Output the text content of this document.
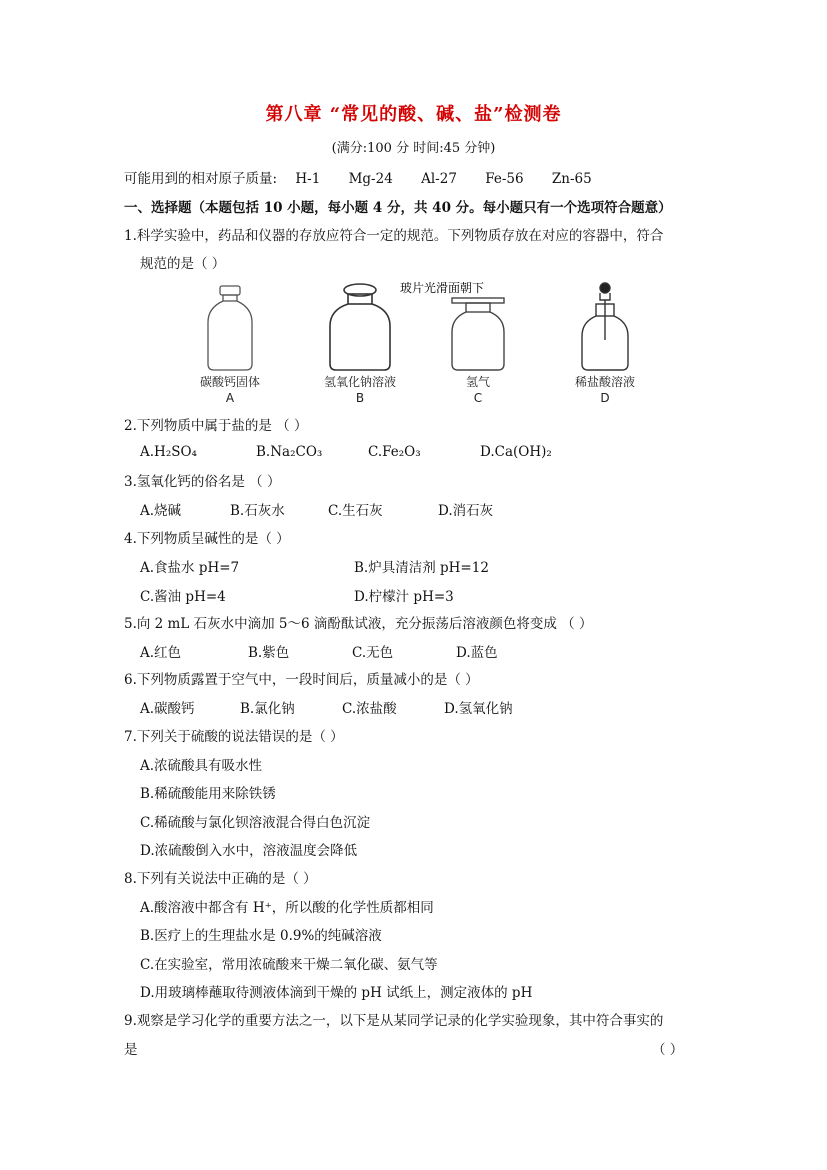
第八章 “常见的酸、碱、盐”检测卷
(满分:100 分 时间:45 分钟)
可能用到的相对原子质量: H-1 Mg-24 Al-27 Fe-56 Zn-65
一、选择题（本题包括 10 小题，每小题 4 分，共 40 分。每小题只有一个选项符合题意）
1.科学实验中，药品和仪器的存放应符合一定的规范。下列物质存放在对应的容器中，符合
规范的是（ ）
玻片光滑面朝下
碳酸钙固体	氢氧化钠溶液	氢气	稀盐酸溶液
A	B	C	D
2.下列物质中属于盐的是 （ ）
A.H₂SO₄	B.Na₂CO₃	C.Fe₂O₃	D.Ca(OH)₂
3.氢氧化钙的俗名是 （ ）
A.烧碱	B.石灰水	C.生石灰	D.消石灰
4.下列物质呈碱性的是（ ）
A.食盐水 pH=7	B.炉具清洁剂 pH=12
C.酱油 pH=4	D.柠檬汁 pH=3
5.向 2 mL 石灰水中滴加 5～6 滴酚酞试液，充分振荡后溶液颜色将变成 （ ）
A.红色	B.紫色	C.无色	D.蓝色
6.下列物质露置于空气中，一段时间后，质量减小的是（ ）
A.碳酸钙	B.氯化钠	C.浓盐酸	D.氢氧化钠
7.下列关于硫酸的说法错误的是（ ）
A.浓硫酸具有吸水性
B.稀硫酸能用来除铁锈
C.稀硫酸与氯化钡溶液混合得白色沉淀
D.浓硫酸倒入水中，溶液温度会降低
8.下列有关说法中正确的是（ ）
A.酸溶液中都含有 H⁺，所以酸的化学性质都相同
B.医疗上的生理盐水是 0.9%的纯碱溶液
C.在实验室，常用浓硫酸来干燥二氧化碳、氨气等
D.用玻璃棒蘸取待测液体滴到干燥的 pH 试纸上，测定液体的 pH
9.观察是学习化学的重要方法之一，以下是从某同学记录的化学实验现象，其中符合事实的
是	（ ）
